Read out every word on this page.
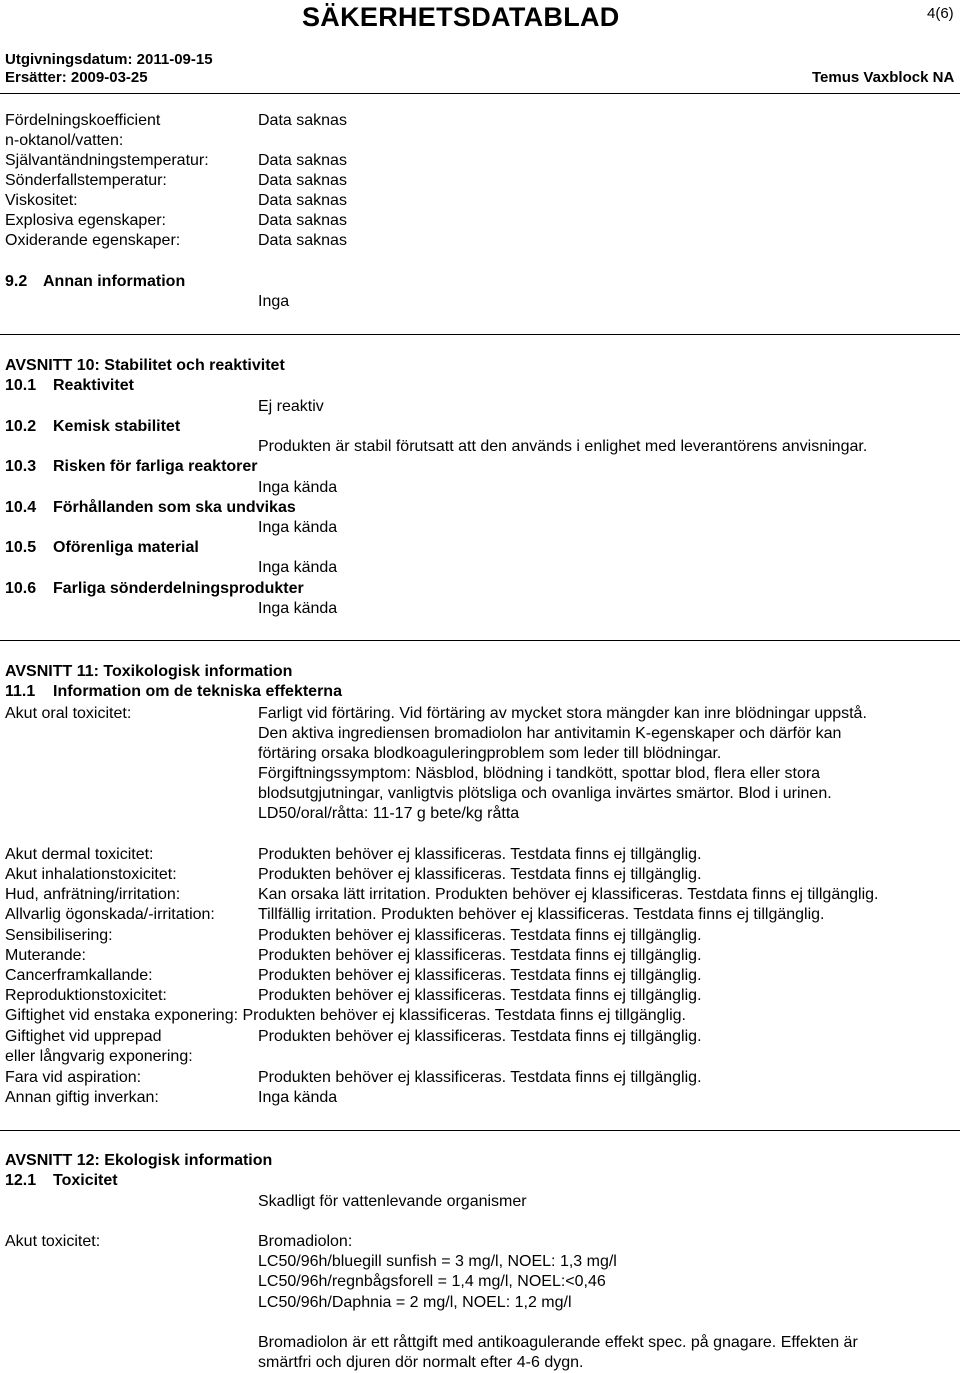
SÄKERHETSDATABLAD	4(6)
Utgivningsdatum: 2011-09-15
Ersätter: 2009-03-25	Temus Vaxblock NA
Fördelningskoefficient	Data saknas
n-oktanol/vatten:
Självantändningstemperatur:	Data saknas
Sönderfallstemperatur:	Data saknas
Viskositet:	Data saknas
Explosiva egenskaper:	Data saknas
Oxiderande egenskaper:	Data saknas
9.2 Annan information
Inga
AVSNITT 10: Stabilitet och reaktivitet
10.1 Reaktivitet
Ej reaktiv
10.2 Kemisk stabilitet
Produkten är stabil förutsatt att den används i enlighet med leverantörens anvisningar.
10.3 Risken för farliga reaktorer
Inga kända
10.4 Förhållanden som ska undvikas
Inga kända
10.5 Oförenliga material
Inga kända
10.6 Farliga sönderdelningsprodukter
Inga kända
AVSNITT 11: Toxikologisk information
11.1 Information om de tekniska effekterna
Akut oral toxicitet:	Farligt vid förtäring. Vid förtäring av mycket stora mängder kan inre blödningar uppstå.
Den aktiva ingrediensen bromadiolon har antivitamin K-egenskaper och därför kan
förtäring orsaka blodkoaguleringproblem som leder till blödningar.
Förgiftningssymptom: Näsblod, blödning i tandkött, spottar blod, flera eller stora
blodsutgjutningar, vanligtvis plötsliga och ovanliga invärtes smärtor. Blod i urinen.
LD50/oral/råtta: 11-17 g bete/kg råtta
Akut dermal toxicitet:	Produkten behöver ej klassificeras. Testdata finns ej tillgänglig.
Akut inhalationstoxicitet:	Produkten behöver ej klassificeras. Testdata finns ej tillgänglig.
Hud, anfrätning/irritation:	Kan orsaka lätt irritation. Produkten behöver ej klassificeras. Testdata finns ej tillgänglig.
Allvarlig ögonskada/-irritation:	Tillfällig irritation. Produkten behöver ej klassificeras. Testdata finns ej tillgänglig.
Sensibilisering:	Produkten behöver ej klassificeras. Testdata finns ej tillgänglig.
Muterande:	Produkten behöver ej klassificeras. Testdata finns ej tillgänglig.
Cancerframkallande:	Produkten behöver ej klassificeras. Testdata finns ej tillgänglig.
Reproduktionstoxicitet:	Produkten behöver ej klassificeras. Testdata finns ej tillgänglig.
Giftighet vid enstaka exponering: Produkten behöver ej klassificeras. Testdata finns ej tillgänglig.
Giftighet vid upprepad	Produkten behöver ej klassificeras. Testdata finns ej tillgänglig.
eller långvarig exponering:
Fara vid aspiration:	Produkten behöver ej klassificeras. Testdata finns ej tillgänglig.
Annan giftig inverkan:	Inga kända
AVSNITT 12: Ekologisk information
12.1 Toxicitet
Skadligt för vattenlevande organismer
Akut toxicitet:	Bromadiolon:
LC50/96h/bluegill sunfish = 3 mg/l, NOEL: 1,3 mg/l
LC50/96h/regnbågsforell = 1,4 mg/l, NOEL:<0,46
LC50/96h/Daphnia = 2 mg/l, NOEL: 1,2 mg/l
Bromadiolon är ett råttgift med antikoagulerande effekt spec. på gnagare. Effekten är
smärtfri och djuren dör normalt efter 4-6 dygn.
